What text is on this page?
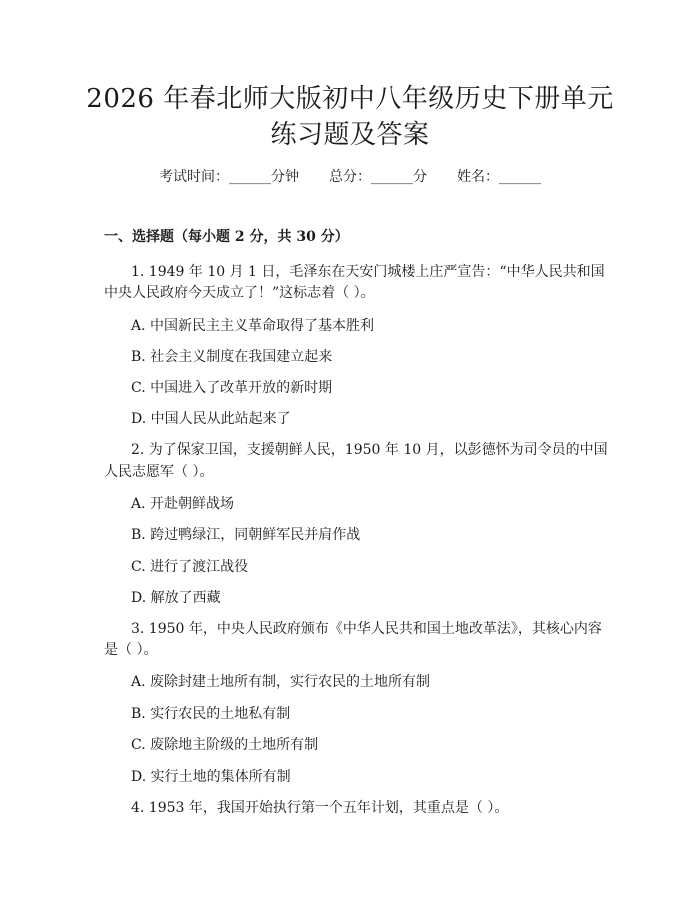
2026 年春北师大版初中八年级历史下册单元
练习题及答案
考试时间：______分钟 总分：______分 姓名：______
一、选择题（每小题 2 分，共 30 分）
1. 1949 年 10 月 1 日，毛泽东在天安门城楼上庄严宣告：“中华人民共和国
中央人民政府今天成立了！”这标志着（ ）。
A. 中国新民主主义革命取得了基本胜利
B. 社会主义制度在我国建立起来
C. 中国进入了改革开放的新时期
D. 中国人民从此站起来了
2. 为了保家卫国，支援朝鲜人民，1950 年 10 月，以彭德怀为司令员的中国
人民志愿军（ ）。
A. 开赴朝鲜战场
B. 跨过鸭绿江，同朝鲜军民并肩作战
C. 进行了渡江战役
D. 解放了西藏
3. 1950 年，中央人民政府颁布《中华人民共和国土地改革法》，其核心内容
是（ ）。
A. 废除封建土地所有制，实行农民的土地所有制
B. 实行农民的土地私有制
C. 废除地主阶级的土地所有制
D. 实行土地的集体所有制
4. 1953 年，我国开始执行第一个五年计划，其重点是（ ）。
